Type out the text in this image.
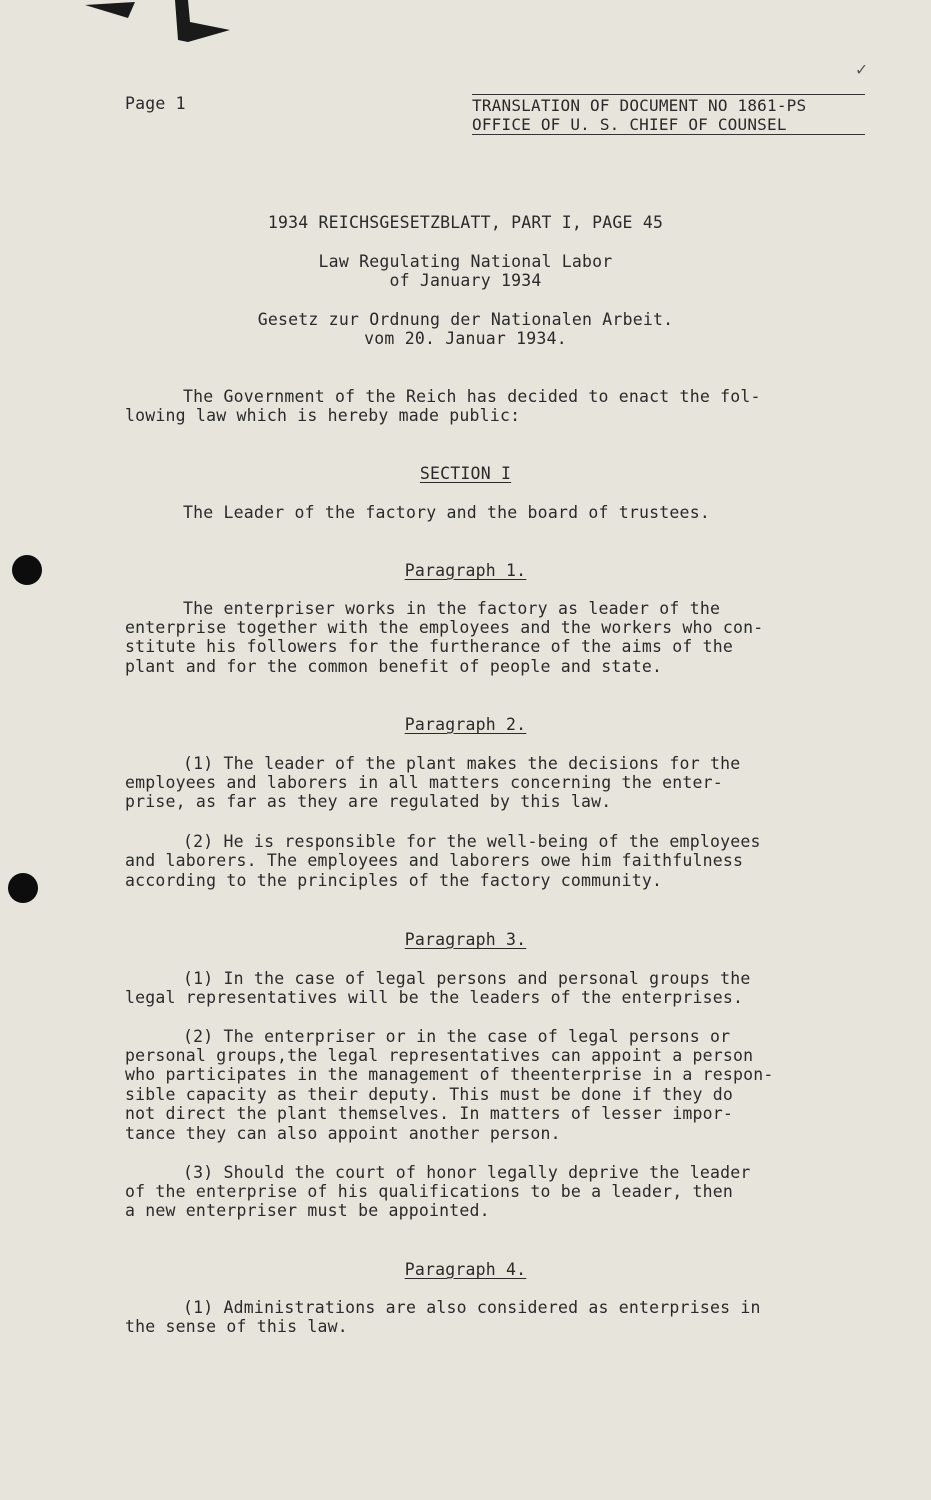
Page 1
✓
TRANSLATION OF DOCUMENT NO 1861-PS
OFFICE OF U. S. CHIEF OF COUNSEL
1934 REICHSGESETZBLATT, PART I, PAGE 45
Law Regulating National Labor
of January 1934
Gesetz zur Ordnung der Nationalen Arbeit.
vom 20. Januar 1934.
The Government of the Reich has decided to enact the fol-
lowing law which is hereby made public:
SECTION I
The Leader of the factory and the board of trustees.
Paragraph 1.
The enterpriser works in the factory as leader of the
enterprise together with the employees and the workers who con-
stitute his followers for the furtherance of the aims of the
plant and for the common benefit of people and state.
Paragraph 2.
(1) The leader of the plant makes the decisions for the
employees and laborers in all matters concerning the enter-
prise, as far as they are regulated by this law.
(2) He is responsible for the well-being of the employees
and laborers. The employees and laborers owe him faithfulness
according to the principles of the factory community.
Paragraph 3.
(1) In the case of legal persons and personal groups the
legal representatives will be the leaders of the enterprises.
(2) The enterpriser or in the case of legal persons or
personal groups,the legal representatives can appoint a person
who participates in the management of theenterprise in a respon-
sible capacity as their deputy. This must be done if they do
not direct the plant themselves. In matters of lesser impor-
tance they can also appoint another person.
(3) Should the court of honor legally deprive the leader
of the enterprise of his qualifications to be a leader, then
a new enterpriser must be appointed.
Paragraph 4.
(1) Administrations are also considered as enterprises in
the sense of this law.
